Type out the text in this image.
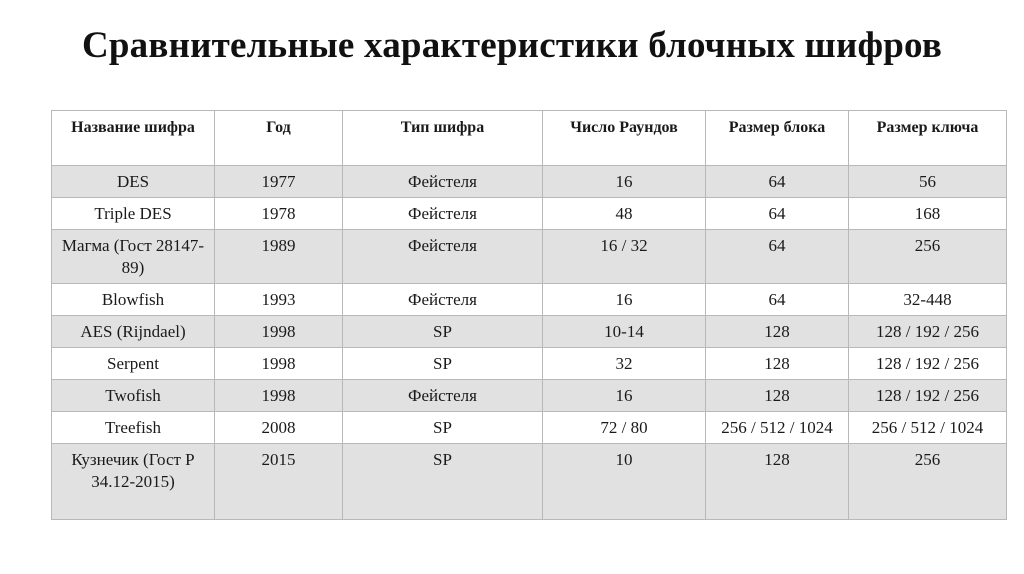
Сравнительные характеристики блочных шифров
Название шифра	Год	Тип шифра	Число Раундов	Размер блока	Размер ключа
DES	1977	Фейстеля	16	64	56
Triple DES	1978	Фейстеля	48	64	168
Магма (Гост 28147-89)	1989	Фейстеля	16 / 32	64	256
Blowfish	1993	Фейстеля	16	64	32-448
AES (Rijndael)	1998	SP	10-14	128	128 / 192 / 256
Serpent	1998	SP	32	128	128 / 192 / 256
Twofish	1998	Фейстеля	16	128	128 / 192 / 256
Treefish	2008	SP	72 / 80	256 / 512 / 1024	256 / 512 / 1024
Кузнечик (Гост Р 34.12-2015)	2015	SP	10	128	256
